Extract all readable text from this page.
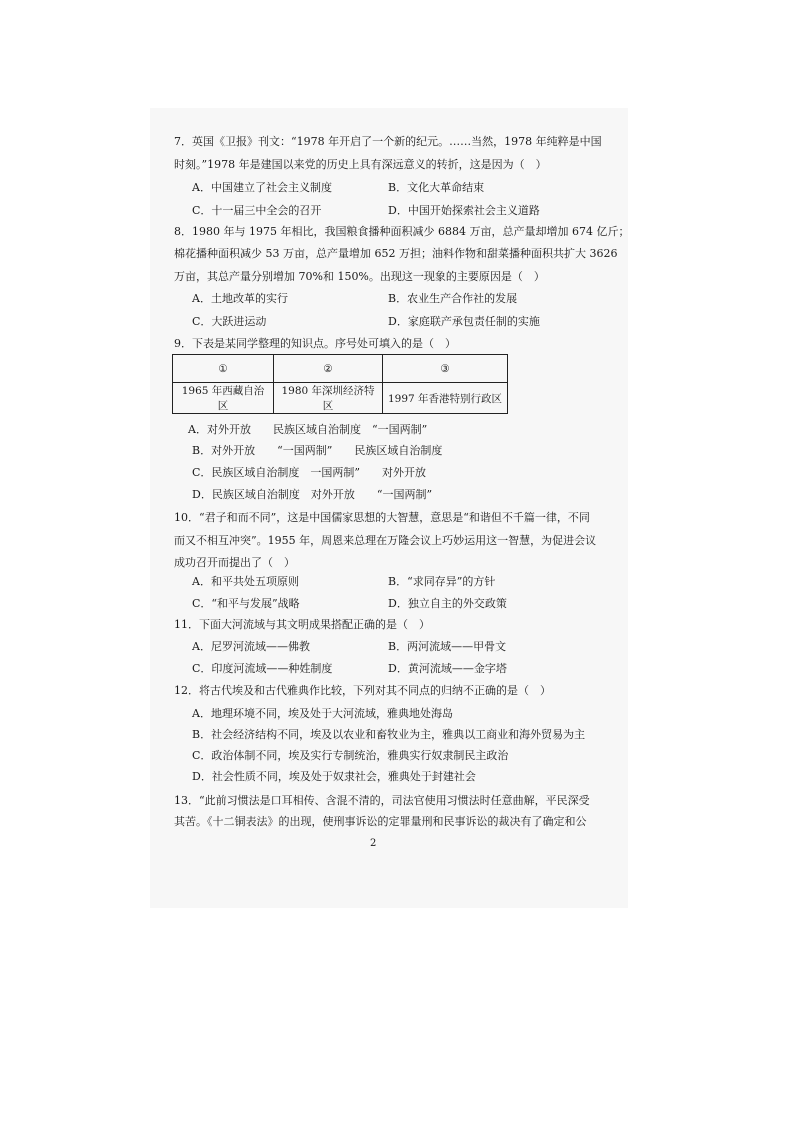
7．英国《卫报》刊文：“1978 年开启了一个新的纪元。……当然，1978 年纯粹是中国
时刻。”1978 年是建国以来党的历史上具有深远意义的转折，这是因为（　）
A．中国建立了社会主义制度	B．文化大革命结束
C．十一届三中全会的召开	D．中国开始探索社会主义道路
8．1980 年与 1975 年相比，我国粮食播种面积减少 6884 万亩，总产量却增加 674 亿斤；
棉花播种面积减少 53 万亩，总产量增加 652 万担；油料作物和甜菜播种面积共扩大 3626
万亩，其总产量分别增加 70%和 150%。出现这一现象的主要原因是（　）
A．土地改革的实行	B．农业生产合作社的发展
C．大跃进运动	D．家庭联产承包责任制的实施
9．下表是某同学整理的知识点。序号处可填入的是（　）
①	②	③
1965 年西藏自治区	1980 年深圳经济特区	1997 年香港特别行政区
A．对外开放　　民族区域自治制度　“一国两制”
B．对外开放　　“一国两制”　　民族区域自治制度
C．民族区域自治制度　一国两制”　　对外开放
D．民族区域自治制度　对外开放　　“一国两制”
10．“君子和而不同”，这是中国儒家思想的大智慧，意思是“和谐但不千篇一律，不同
而又不相互冲突”。1955 年，周恩来总理在万隆会议上巧妙运用这一智慧，为促进会议
成功召开而提出了（　）
A．和平共处五项原则	B．“求同存异”的方针
C．“和平与发展”战略	D．独立自主的外交政策
11．下面大河流域与其文明成果搭配正确的是（　）
A．尼罗河流域——佛教	B．两河流域——甲骨文
C．印度河流域——种姓制度	D．黄河流域——金字塔
12．将古代埃及和古代雅典作比较，下列对其不同点的归纳不正确的是（　）
A．地理环境不同，埃及处于大河流域，雅典地处海岛
B．社会经济结构不同，埃及以农业和畜牧业为主，雅典以工商业和海外贸易为主
C．政治体制不同，埃及实行专制统治，雅典实行奴隶制民主政治
D．社会性质不同，埃及处于奴隶社会，雅典处于封建社会
13．“此前习惯法是口耳相传、含混不清的，司法官使用习惯法时任意曲解，平民深受
其苦。《十二铜表法》的出现，使刑事诉讼的定罪量刑和民事诉讼的裁决有了确定和公
2
